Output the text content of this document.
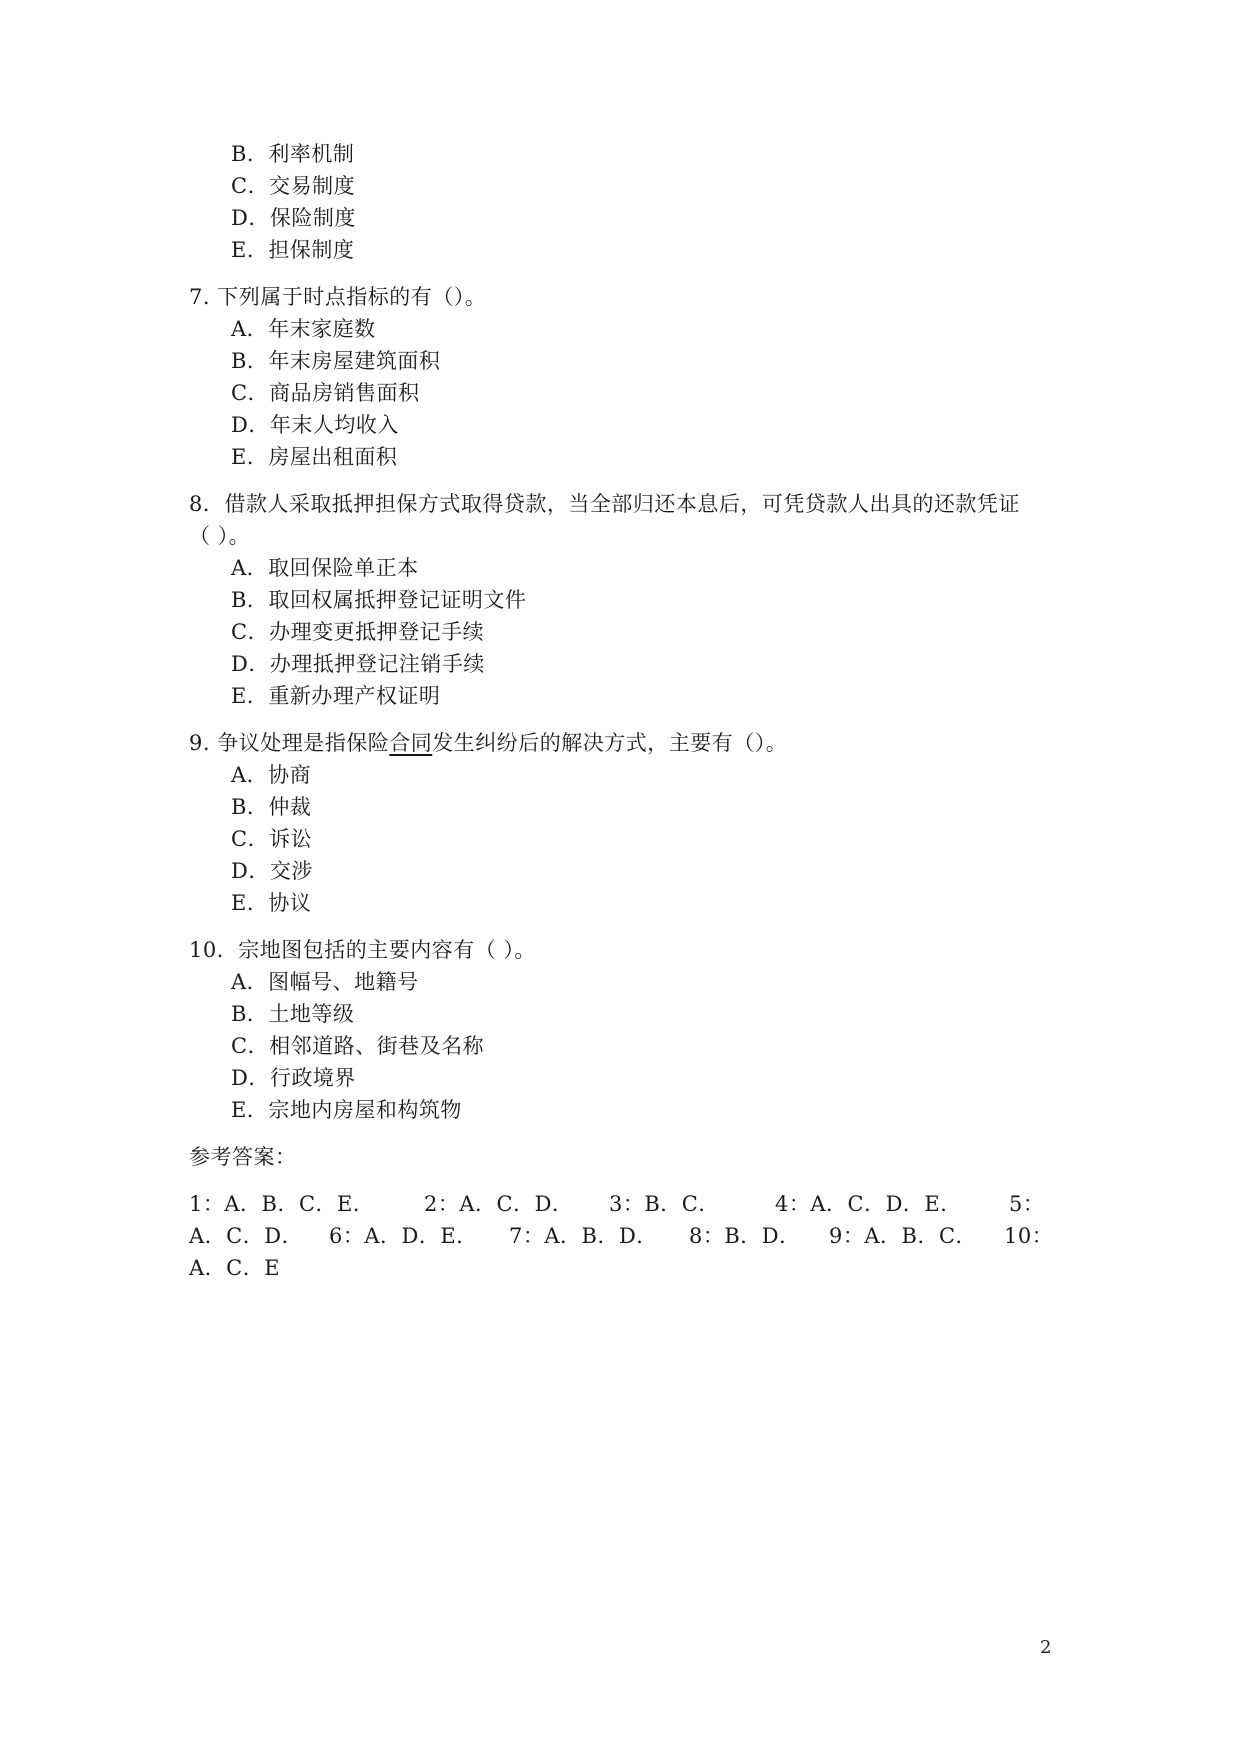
B．利率机制
C．交易制度
D．保险制度
E．担保制度
7. 下列属于时点指标的有（）。
A．年末家庭数
B．年末房屋建筑面积
C．商品房销售面积
D．年末人均收入
E．房屋出租面积
8．借款人采取抵押担保方式取得贷款，当全部归还本息后，可凭贷款人出具的还款凭证
（ ）。
A．取回保险单正本
B．取回权属抵押登记证明文件
C．办理变更抵押登记手续
D．办理抵押登记注销手续
E．重新办理产权证明
9. 争议处理是指保险合同发生纠纷后的解决方式，主要有（）。
A．协商
B．仲裁
C．诉讼
D．交涉
E．协议
10．宗地图包括的主要内容有（ ）。
A．图幅号、地籍号
B．土地等级
C．相邻道路、街巷及名称
D．行政境界
E．宗地内房屋和构筑物
参考答案：
1：A．B．C．E． 2：A．C．D． 3：B．C．	4：A．C．D．E． 5：
A．C．D． 6：A．D．E． 7：A．B．D． 8：B．D． 9：A．B．C． 10：
A．C．E
2
